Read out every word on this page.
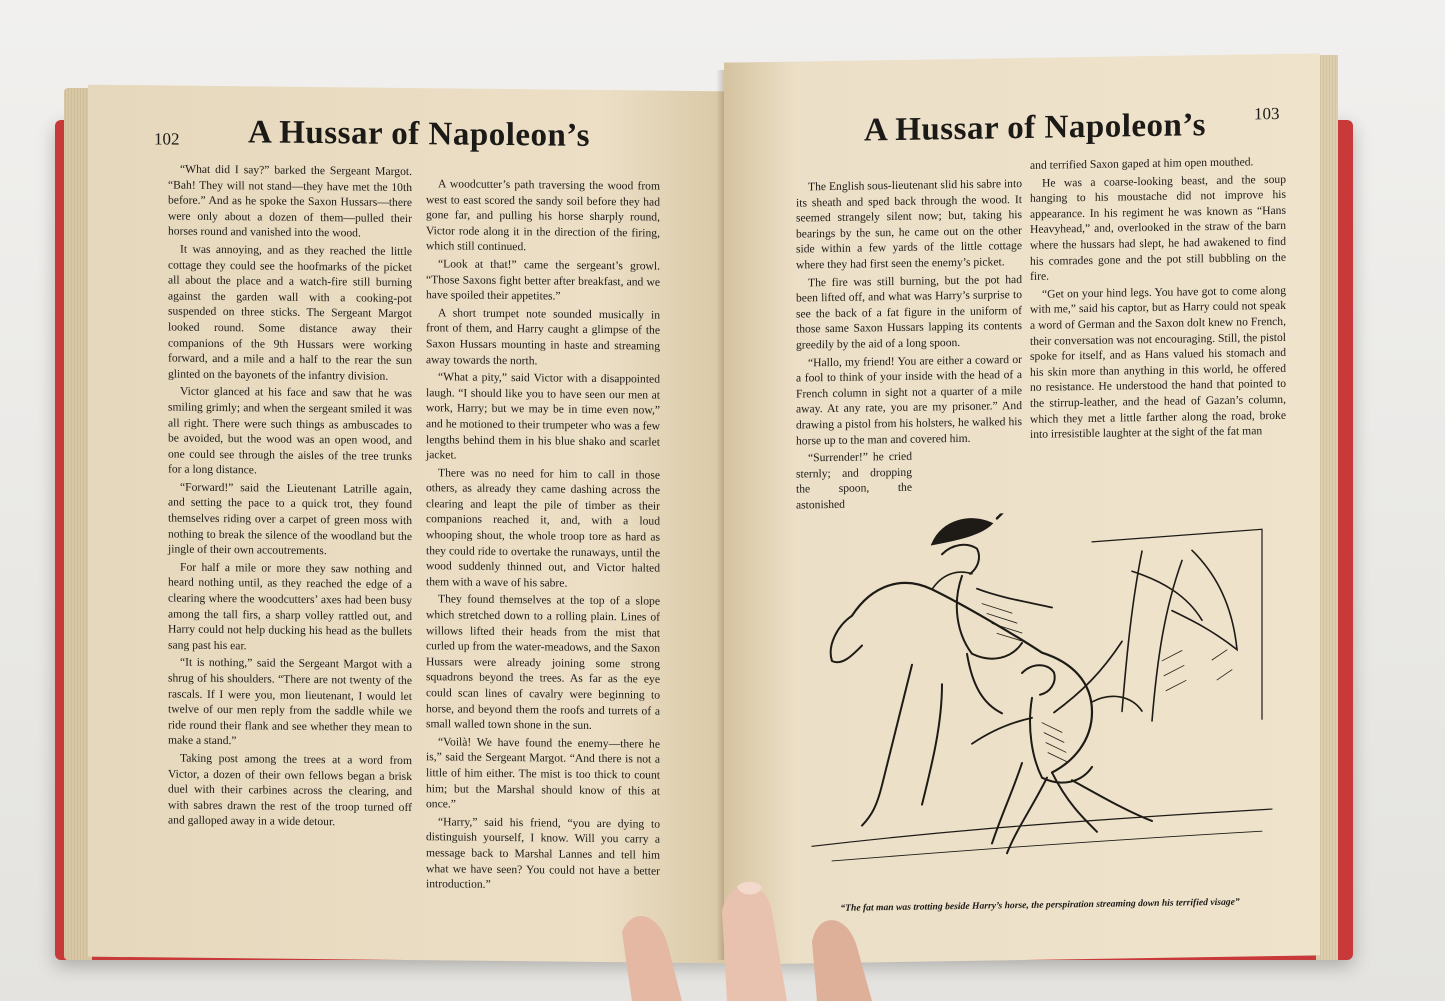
102 A Hussar of Napoleon’s

“What did I say?” barked the Sergeant Margot. “Bah! They will not stand—they have met the 10th before.” And as he spoke the Saxon Hussars—there were only about a dozen of them—pulled their horses round and vanished into the wood.

It was annoying, and as they reached the little cottage they could see the hoofmarks of the picket all about the place and a watch-fire still burning against the garden wall with a cooking-pot suspended on three sticks. The Sergeant Margot looked round. Some distance away their companions of the 9th Hussars were working forward, and a mile and a half to the rear the sun glinted on the bayonets of the infantry division.

Victor glanced at his face and saw that he was smiling grimly; and when the sergeant smiled it was all right. There were such things as ambuscades to be avoided, but the wood was an open wood, and one could see through the aisles of the tree trunks for a long distance.

“Forward!” said the Lieutenant Latrille again, and setting the pace to a quick trot, they found themselves riding over a carpet of green moss with nothing to break the silence of the woodland but the jingle of their own accoutrements.

For half a mile or more they saw nothing and heard nothing until, as they reached the edge of a clearing where the woodcutters’ axes had been busy among the tall firs, a sharp volley rattled out, and Harry could not help ducking his head as the bullets sang past his ear.

“It is nothing,” said the Sergeant Margot with a shrug of his shoulders. “There are not twenty of the rascals. If I were you, mon lieutenant, I would let twelve of our men reply from the saddle while we ride round their flank and see whether they mean to make a stand.”

Taking post among the trees at a word from Victor, a dozen of their own fellows began a brisk duel with their carbines across the clearing, and with sabres drawn the rest of the troop turned off and galloped away in a wide detour.

A woodcutter’s path traversing the wood from west to east scored the sandy soil before they had gone far, and pulling his horse sharply round, Victor rode along it in the direction of the firing, which still continued.

“Look at that!” came the sergeant’s growl. “Those Saxons fight better after breakfast, and we have spoiled their appetites.”

A short trumpet note sounded musically in front of them, and Harry caught a glimpse of the Saxon Hussars mounting in haste and streaming away towards the north.

“What a pity,” said Victor with a disappointed laugh. “I should like you to have seen our men at work, Harry; but we may be in time even now,” and he motioned to their trumpeter who was a few lengths behind them in his blue shako and scarlet jacket.

There was no need for him to call in those others, as already they came dashing across the clearing and leapt the pile of timber as their companions reached it, and, with a loud whooping shout, the whole troop tore as hard as they could ride to overtake the runaways, until the wood suddenly thinned out, and Victor halted them with a wave of his sabre.

They found themselves at the top of a slope which stretched down to a rolling plain. Lines of willows lifted their heads from the mist that curled up from the water-meadows, and the Saxon Hussars were already joining some strong squadrons beyond the trees. As far as the eye could scan lines of cavalry were beginning to horse, and beyond them the roofs and turrets of a small walled town shone in the sun.

“Voilà! We have found the enemy—there he is,” said the Sergeant Margot. “And there is not a little of him either. The mist is too thick to count him; but the Marshal should know of this at once.”

“Harry,” said his friend, “you are dying to distinguish yourself, I know. Will you carry a message back to Marshal Lannes and tell him what we have seen? You could not have a better introduction.”

A Hussar of Napoleon’s	103

The English sous-lieutenant slid his sabre into its sheath and sped back through the wood. It seemed strangely silent now; but, taking his bearings by the sun, he came out on the other side within a few yards of the little cottage where they had first seen the enemy’s picket.

The fire was still burning, but the pot had been lifted off, and what was Harry’s surprise to see the back of a fat figure in the uniform of those same Saxon Hussars lapping its contents greedily by the aid of a long spoon.

“Hallo, my friend! You are either a coward or a fool to think of your inside with the head of a French column in sight not a quarter of a mile away. At any rate, you are my prisoner.” And drawing a pistol from his holsters, he walked his horse up to the man and covered him.

“Surrender!” he cried sternly; and dropping the spoon, the astonished

and terrified Saxon gaped at him open mouthed.

He was a coarse-looking beast, and the soup hanging to his moustache did not improve his appearance. In his regiment he was known as “Hans Heavyhead,” and, overlooked in the straw of the barn where the hussars had slept, he had awakened to find his comrades gone and the pot still bubbling on the fire.

“Get on your hind legs. You have got to come along with me,” said his captor, but as Harry could not speak a word of German and the Saxon dolt knew no French, their conversation was not encouraging. Still, the pistol spoke for itself, and as Hans valued his stomach and his skin more than anything in this world, he offered no resistance. He understood the hand that pointed to the stirrup-leather, and the head of Gazan’s column, which they met a little farther along the road, broke into irresistible laughter at the sight of the fat man

“The fat man was trotting beside Harry’s horse, the perspiration streaming down his terrified visage”
